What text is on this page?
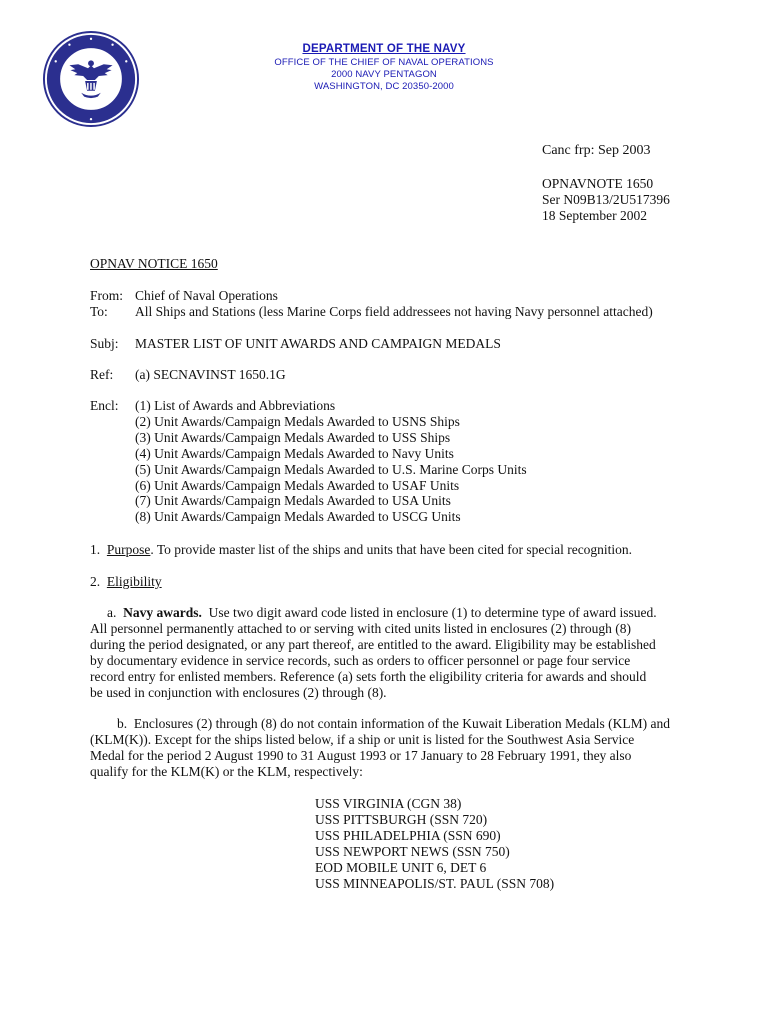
DEPARTMENT OF THE NAVY
OFFICE OF THE CHIEF OF NAVAL OPERATIONS
2000 NAVY PENTAGON
WASHINGTON, DC 20350-2000
Canc frp: Sep 2003
OPNAVNOTE 1650
Ser N09B13/2U517396
18 September 2002
OPNAV NOTICE 1650
From: Chief of Naval Operations
To: All Ships and Stations (less Marine Corps field addressees not having Navy personnel attached)
Subj: MASTER LIST OF UNIT AWARDS AND CAMPAIGN MEDALS
Ref: (a) SECNAVINST 1650.1G
Encl: (1) List of Awards and Abbreviations
(2) Unit Awards/Campaign Medals Awarded to USNS Ships
(3) Unit Awards/Campaign Medals Awarded to USS Ships
(4) Unit Awards/Campaign Medals Awarded to Navy Units
(5) Unit Awards/Campaign Medals Awarded to U.S. Marine Corps Units
(6) Unit Awards/Campaign Medals Awarded to USAF Units
(7) Unit Awards/Campaign Medals Awarded to USA Units
(8) Unit Awards/Campaign Medals Awarded to USCG Units
1. Purpose. To provide master list of the ships and units that have been cited for special recognition.
2. Eligibility
a. Navy awards.  Use two digit award code listed in enclosure (1) to determine type of award issued.
All personnel permanently attached to or serving with cited units listed in enclosures (2) through (8)
during the period designated, or any part thereof, are entitled to the award. Eligibility may be established
by documentary evidence in service records, such as orders to officer personnel or page four service
record entry for enlisted members. Reference (a) sets forth the eligibility criteria for awards and should
be used in conjunction with enclosures (2) through (8).
b.  Enclosures (2) through (8) do not contain information of the Kuwait Liberation Medals (KLM) and
(KLM(K)). Except for the ships listed below, if a ship or unit is listed for the Southwest Asia Service
Medal for the period 2 August 1990 to 31 August 1993 or 17 January to 28 February 1991, they also
qualify for the KLM(K) or the KLM, respectively:
USS VIRGINIA (CGN 38)
USS PITTSBURGH (SSN 720)
USS PHILADELPHIA (SSN 690)
USS NEWPORT NEWS (SSN 750)
EOD MOBILE UNIT 6, DET 6
USS MINNEAPOLIS/ST. PAUL (SSN 708)
